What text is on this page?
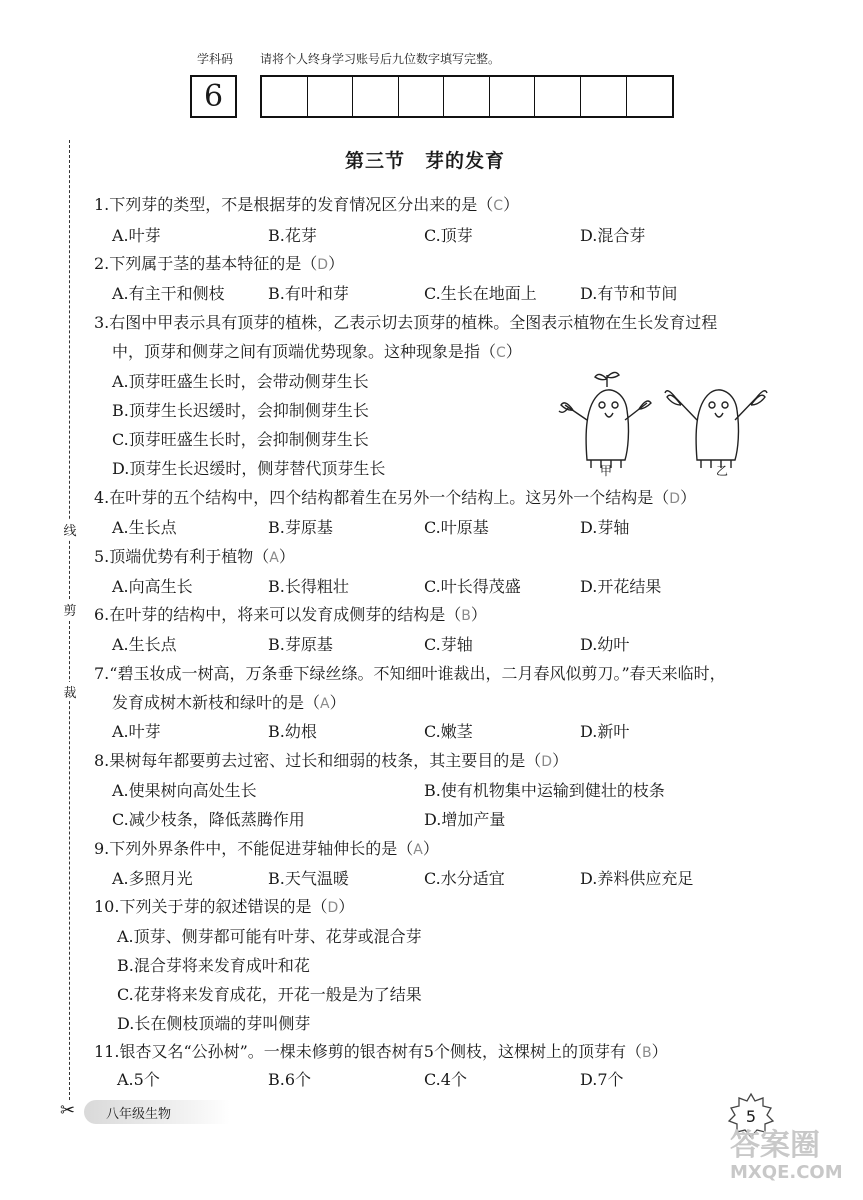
学科码 请将个人终身学习账号后九位数字填写完整。
6
线
剪
裁
✂
第三节　芽的发育
1.下列芽的类型，不是根据芽的发育情况区分出来的是（C）
A.叶芽	B.花芽	C.顶芽	D.混合芽
2.下列属于茎的基本特征的是（D）
A.有主干和侧枝	B.有叶和芽	C.生长在地面上	D.有节和节间
3.右图中甲表示具有顶芽的植株，乙表示切去顶芽的植株。全图表示植物在生长发育过程
中，顶芽和侧芽之间有顶端优势现象。这种现象是指（C）
A.顶芽旺盛生长时，会带动侧芽生长
B.顶芽生长迟缓时，会抑制侧芽生长
C.顶芽旺盛生长时，会抑制侧芽生长
D.顶芽生长迟缓时，侧芽替代顶芽生长	甲	乙
4.在叶芽的五个结构中，四个结构都着生在另外一个结构上。这另外一个结构是（D）
A.生长点	B.芽原基	C.叶原基	D.芽轴
5.顶端优势有利于植物（A）
A.向高生长	B.长得粗壮	C.叶长得茂盛	D.开花结果
6.在叶芽的结构中，将来可以发育成侧芽的结构是（B）
A.生长点	B.芽原基	C.芽轴	D.幼叶
7.“碧玉妆成一树高，万条垂下绿丝绦。不知细叶谁裁出，二月春风似剪刀。”春天来临时，
发育成树木新枝和绿叶的是（A）
A.叶芽	B.幼根	C.嫩茎	D.新叶
8.果树每年都要剪去过密、过长和细弱的枝条，其主要目的是（D）
A.使果树向高处生长	B.使有机物集中运输到健壮的枝条
C.减少枝条，降低蒸腾作用	D.增加产量
9.下列外界条件中，不能促进芽轴伸长的是（A）
A.多照月光	B.天气温暖	C.水分适宜	D.养料供应充足
10.下列关于芽的叙述错误的是（D）
A.顶芽、侧芽都可能有叶芽、花芽或混合芽
B.混合芽将来发育成叶和花
C.花芽将来发育成花，开花一般是为了结果
D.长在侧枝顶端的芽叫侧芽
11.银杏又名“公孙树”。一棵未修剪的银杏树有5个侧枝，这棵树上的顶芽有（B）
A.5个	B.6个	C.4个	D.7个
八年级生物	5
答案圈
MXQE.COM
